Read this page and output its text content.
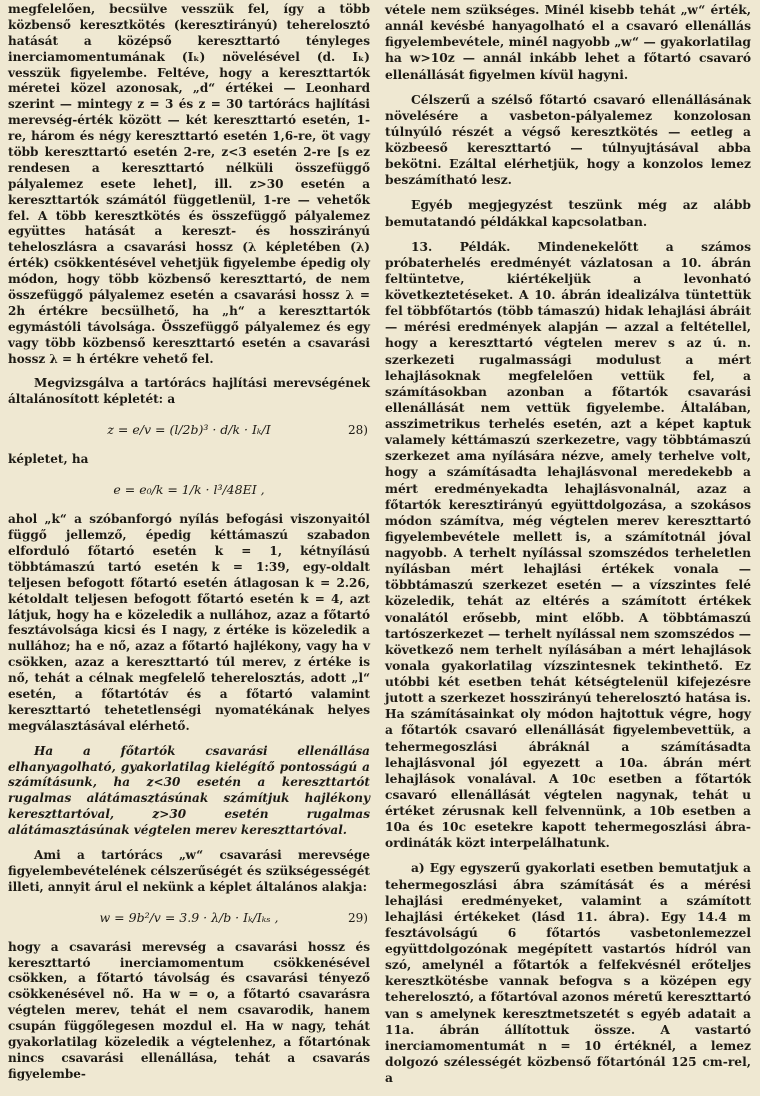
megfelelően, becsülve vesszük fel, így a több közbenső keresztkötés (keresztirányú) teherelosztó hatását a középső kereszttartó tényleges inerciamomentumának (Iₖ) növelésével (d. Iₖ) vesszük figyelembe. Feltéve, hogy a kereszttartók méretei közel azonosak, „d“ értékei — Leonhard szerint — mintegy z = 3 és z = 30 tartórács hajlítási merevség-érték között — két kereszttartó esetén, 1-re, három és négy kereszttartó esetén 1,6-re, öt vagy több kereszttartó esetén 2-re, z<3 esetén 2-re [s ez rendesen a kereszttartó nélküli összefüggő pályalemez esete lehet], ill. z>30 esetén a kereszttartók számától függetlenül, 1-re — vehetők fel. A több keresztkötés és összefüggő pályalemez együttes hatását a kereszt- és hosszirányú teheloszlásra a csavarási hossz (λ képletében (λ) érték) csökkentésével vehetjük figyelembe épedig oly módon, hogy több közbenső kereszttartó, de nem összefüggő pályalemez esetén a csavarási hossz λ = 2h értékre becsülhető, ha „h“ a kereszttartók egymástóli távolsága. Összefüggő pályalemez és egy vagy több közbenső kereszttartó esetén a csavarási hossz λ = h értékre vehető fel.

Megvizsgálva a tartórács hajlítási merevségének általánosított képletét: a

z = e/v = (l/2b)³ · d/k · Iₖ/I	28)

képletet, ha

e = e₀/k = 1/k · l³/48EI ,

ahol „k“ a szóbanforgó nyílás befogási viszonyaitól függő jellemző, épedig kéttámaszú szabadon elforduló főtartó esetén k = 1, kétnyílású többtámaszú tartó esetén k = 1:39, egy-oldalt teljesen befogott főtartó esetén átlagosan k = 2.26, kétoldalt teljesen befogott főtartó esetén k = 4, azt látjuk, hogy ha e közeledik a nullához, azaz a főtartó fesztávolsága kicsi és I nagy, z értéke is közeledik a nullához; ha e nő, azaz a főtartó hajlékony, vagy ha v csökken, azaz a kereszttartó túl merev, z értéke is nő, tehát a célnak megfelelő teherelosztás, adott „l“ esetén, a főtartótáv és a főtartó valamint kereszttartó tehetetlenségi nyomatékának helyes megválasztásával elérhető.

Ha a főtartók csavarási ellenállása elhanyagolható, gyakorlatilag kielégítő pontosságú a számításunk, ha z<30 esetén a kereszttartót rugalmas alátámasztásúnak számítjuk hajlékony kereszttartóval, z>30 esetén rugalmas alátámasztásúnak végtelen merev kereszttartóval.

Ami a tartórács „w“ csavarási merevsége figyelembevételének célszerűségét és szükségességét illeti, annyit árul el nekünk a képlet általános alakja:

w = 9b²/v = 3.9 · λ/b · Iₖ/Iₖₛ ,	29)

hogy a csavarási merevség a csavarási hossz és kereszttartó inerciamomentum csökkenésével csökken, a főtartó távolság és csavarási tényező csökkenésével nő. Ha w = o, a főtartó csavarásra végtelen merev, tehát el nem csavarodik, hanem csupán függőlegesen mozdul el. Ha w nagy, tehát gyakorlatilag közeledik a végtelenhez, a főtartónak nincs csavarási ellenállása, tehát a csavarás figyelembe-

vétele nem szükséges. Minél kisebb tehát „w“ érték, annál kevésbé hanyagolható el a csavaró ellenállás figyelembevétele, minél nagyobb „w“ — gyakorlatilag ha w>10z — annál inkább lehet a főtartó csavaró ellenállását figyelmen kívül hagyni.

Célszerű a szélső főtartó csavaró ellenállásának növelésére a vasbeton-pályalemez konzolosan túlnyúló részét a végső keresztkötés — eetleg a közbeeső kereszttartó — túlnyujtásával abba bekötni. Ezáltal elérhetjük, hogy a konzolos lemez beszámítható lesz.

Egyéb megjegyzést teszünk még az alább bemutatandó példákkal kapcsolatban.

13. Példák. Mindenekelőtt a számos próbaterhelés eredményét vázlatosan a 10. ábrán feltüntetve, kiértékeljük a levonható következtetéseket. A 10. ábrán idealizálva tüntettük fel többfőtartós (több támaszú) hidak lehajlási ábráit — mérési eredmények alapján — azzal a feltétellel, hogy a kereszttartó végtelen merev s az ú. n. szerkezeti rugalmassági modulust a mért lehajlásoknak megfelelően vettük fel, a számításokban azonban a főtartók csavarási ellenállását nem vettük figyelembe. Általában, asszimetrikus terhelés esetén, azt a képet kaptuk valamely kéttámaszú szerkezetre, vagy többtámaszú szerkezet ama nyílására nézve, amely terhelve volt, hogy a számításadta lehajlásvonal meredekebb a mért eredményekadta lehajlásvonalnál, azaz a főtartók keresztirányú együttdolgozása, a szokásos módon számítva, még végtelen merev kereszttartó figyelembevétele mellett is, a számítotnál jóval nagyobb. A terhelt nyílással szomszédos terheletlen nyílásban mért lehajlási értékek vonala — többtámaszú szerkezet esetén — a vízszintes felé közeledik, tehát az eltérés a számított értékek vonalától erősebb, mint előbb. A többtámaszú tartószerkezet — terhelt nyílással nem szomszédos — következő nem terhelt nyílásában a mért lehajlások vonala gyakorlatilag vízszintesnek tekinthető. Ez utóbbi két esetben tehát kétségtelenül kifejezésre jutott a szerkezet hosszirányú teherelosztó hatása is. Ha számításainkat oly módon hajtottuk végre, hogy a főtartók csavaró ellenállását figyelembevettük, a tehermegoszlási ábráknál a számításadta lehajlásvonal jól egyezett a 10a. ábrán mért lehajlások vonalával. A 10c esetben a főtartók csavaró ellenállását végtelen nagynak, tehát u értéket zérusnak kell felvennünk, a 10b esetben a 10a és 10c esetekre kapott tehermegoszlási ábra-ordináták közt interpelálhatunk.

a) Egy egyszerű gyakorlati esetben bemutatjuk a tehermegoszlási ábra számítását és a mérési lehajlási eredményeket, valamint a számított lehajlási értékeket (lásd 11. ábra). Egy 14.4 m fesztávolságú 6 főtartós vasbetonlemezzel együttdolgozónak megépített vastartós hídról van szó, amelynél a főtartók a felfekvésnél erőteljes keresztkötésbe vannak befogva s a középen egy teherelosztó, a főtartóval azonos méretű kereszttartó van s amelynek keresztmetszetét s egyéb adatait a 11a. ábrán állítottuk össze. A vastartó inerciamomentumát n = 10 értéknél, a lemez dolgozó szélességét közbenső főtartónál 125 cm-rel, a
